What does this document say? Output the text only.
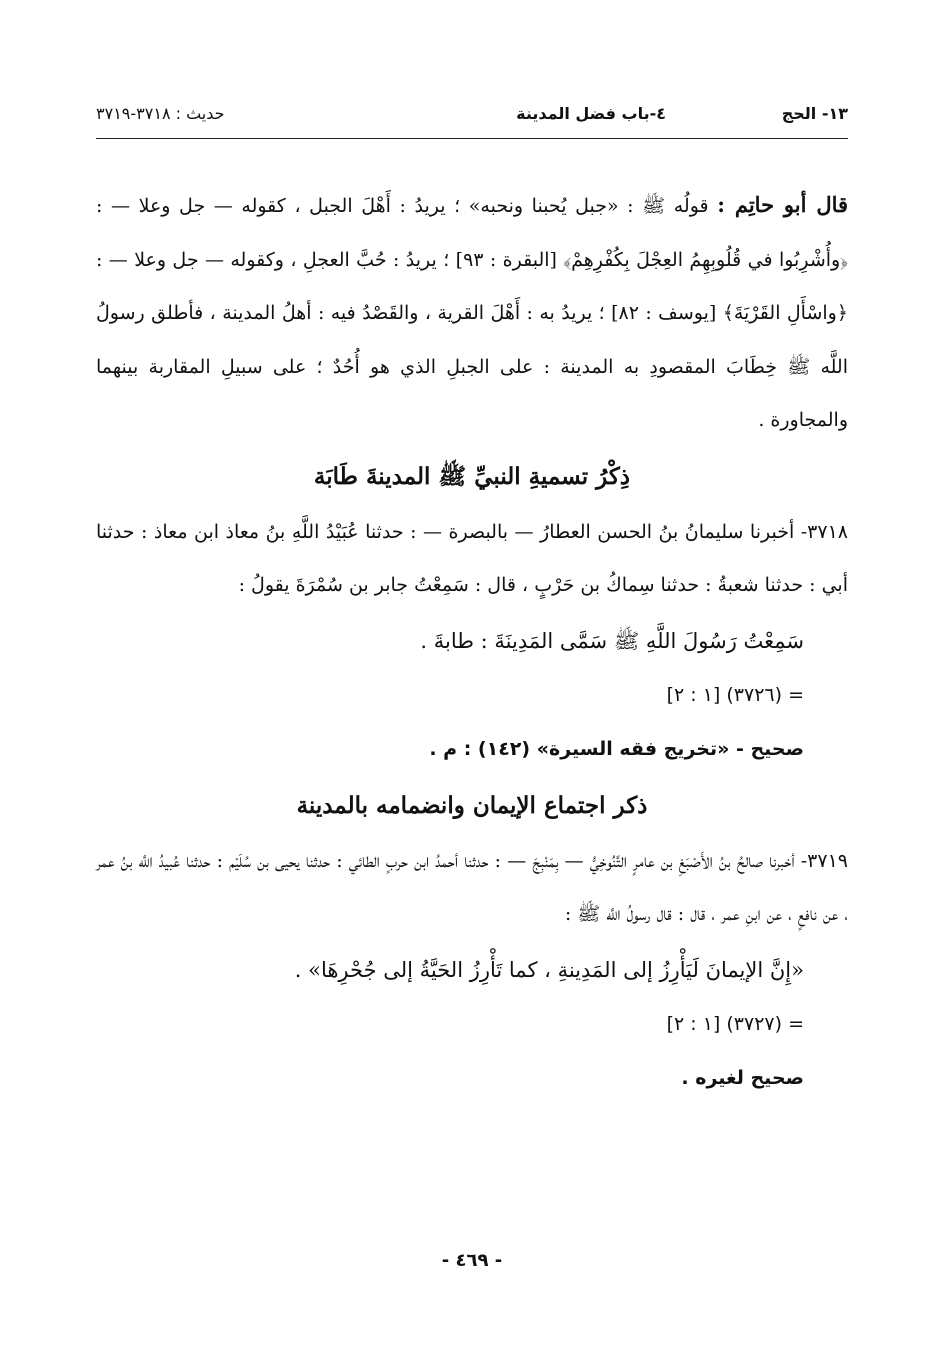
١٣- الحج
٤-باب فضل المدينة
حديث : ٣٧١٨-٣٧١٩

قال أبو حاتِم : قولُه ﷺ : «جبل يُحبنا ونحبه» ؛ يريدُ : أَهْلَ الجبل ، كقوله — جل وعلا — : ﴿وأُشْرِبُوا في قُلُوبِهِمُ العِجْلَ بِكُفْرِهِمْ﴾ [البقرة : ٩٣] ؛ يريدُ : حُبَّ العجلِ ، وكقوله — جل وعلا — : ﴿واسْأَلِ القَرْيَةَ﴾ [يوسف : ٨٢] ؛ يريدُ به : أَهْلَ القرية ، والقَصْدُ فيه : أهلُ المدينة ، فأطلق رسولُ اللَّه ﷺ خِطَابَ المقصودِ به المدينة : على الجبلِ الذي هو أُحُدٌ ؛ على سبيلِ المقاربة بينهما والمجاورة .

ذِكْرُ تسميةِ النبيِّ ﷺ المدينةَ طَابَة

٣٧١٨- أخبرنا سليمانُ بنُ الحسن العطارُ — بالبصرة — : حدثنا عُبَيْدُ اللَّهِ بنُ معاذ ابن معاذ : حدثنا أبي : حدثنا شعبةُ : حدثنا سِماكُ بن حَرْبٍ ، قال : سَمِعْتُ جابر بن سُمْرَةَ يقولُ :

سَمِعْتُ رَسُولَ اللَّهِ ﷺ سَمَّى المَدِينَةَ : طابةَ .

= (٣٧٢٦) [١ : ٢]

صحيح - «تخريج فقه السيرة» (١٤٢) : م .

ذكر اجتماع الإيمان وانضمامه بالمدينة

٣٧١٩- أخبرنا صالحُ بنُ الأَصْبَغِ بن عامرٍ التَّنُوخِيُّ — بِمَنْبِجَ — : حدثنا أحمدُ ابن حربٍ الطائي : حدثنا يحيى بن سُلَيْم : حدثنا عُبيدُ اللَّه بنُ عمر ، عن نافعٍ ، عن ابنِ عمر ، قال : قال رسولُ اللَّه ﷺ :

«إِنَّ الإيمانَ لَيَأْرِزُ إلى المَدِينةِ ، كما تَأْرِزُ الحَيَّةُ إلى جُحْرِهَا» .

= (٣٧٢٧) [١ : ٢]

صحيح لغيره .

- ٤٦٩ -
